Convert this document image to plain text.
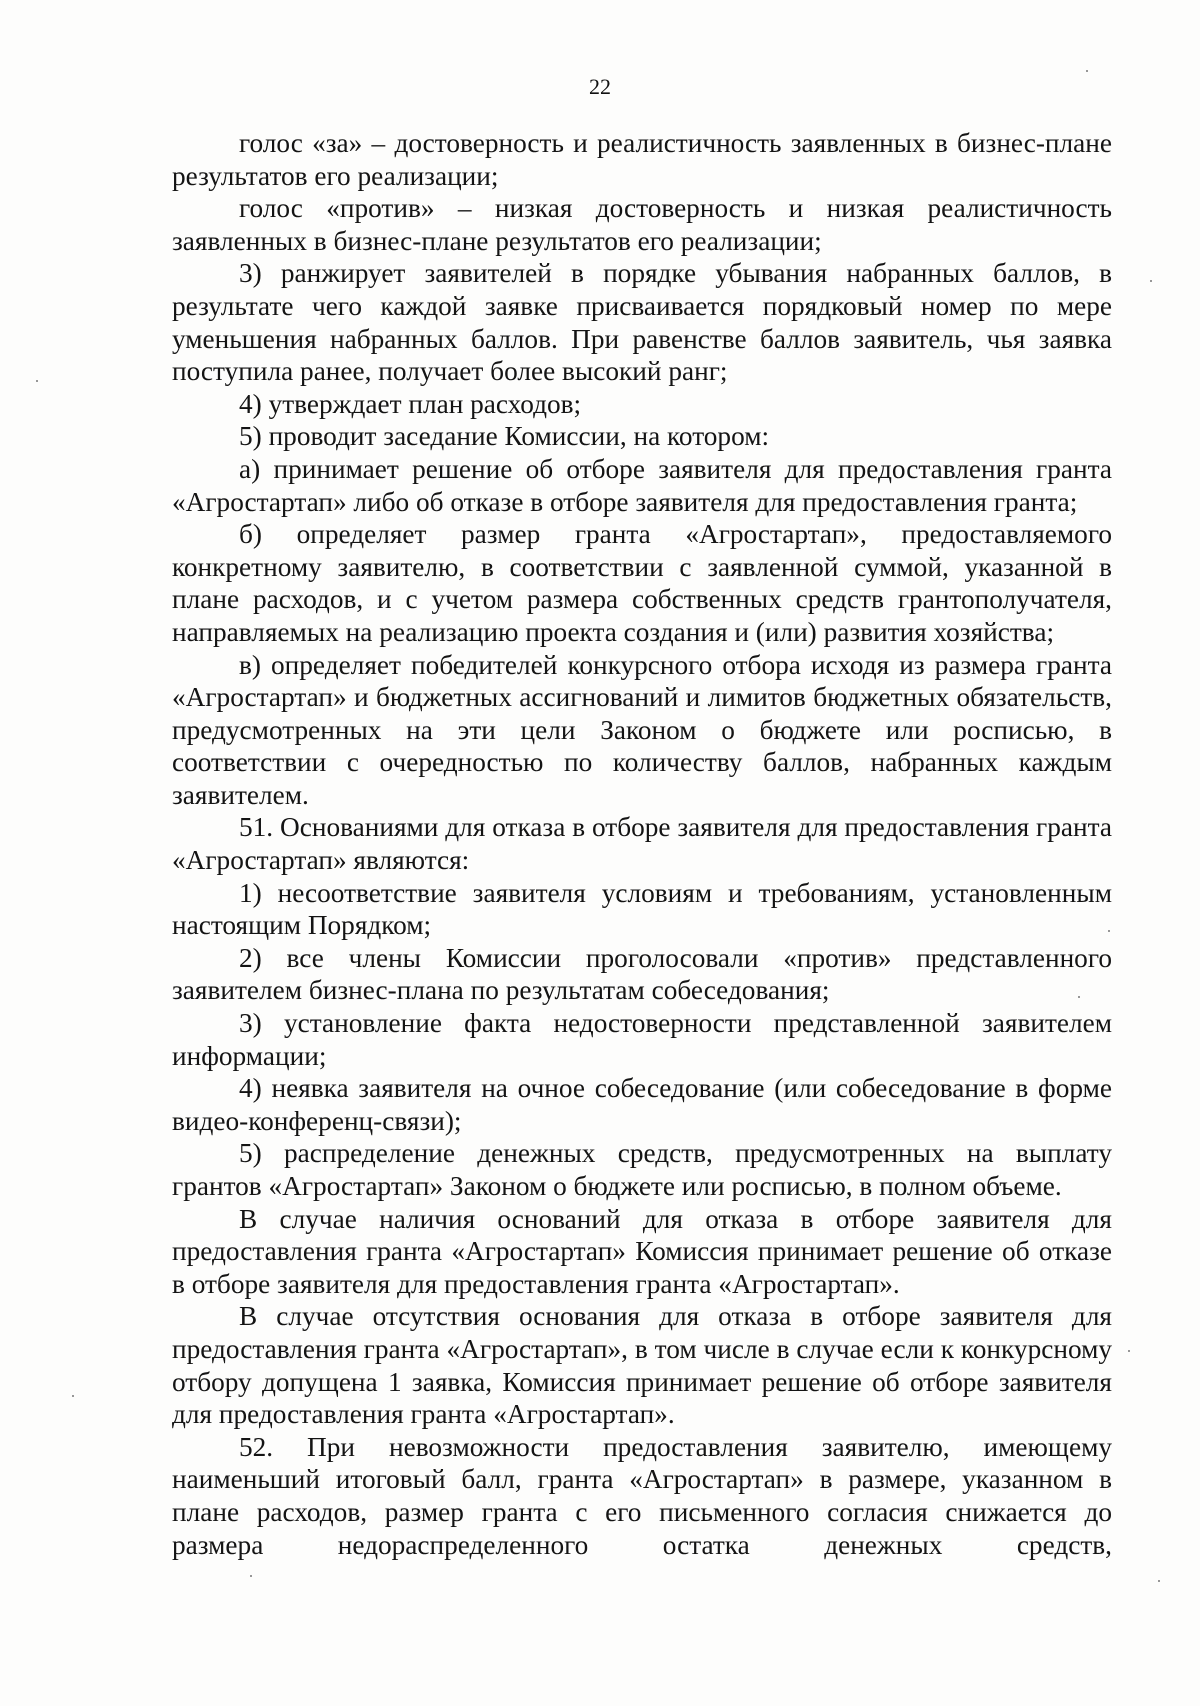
22

голос «за» – достоверность и реалистичность заявленных в бизнес-плане результатов его реализации;

голос «против» – низкая достоверность и низкая реалистичность заявленных в бизнес-плане результатов его реализации;

3) ранжирует заявителей в порядке убывания набранных баллов, в результате чего каждой заявке присваивается порядковый номер по мере уменьшения набранных баллов. При равенстве баллов заявитель, чья заявка поступила ранее, получает более высокий ранг;

4) утверждает план расходов;

5) проводит заседание Комиссии, на котором:

а) принимает решение об отборе заявителя для предоставления гранта «Агростартап» либо об отказе в отборе заявителя для предоставления гранта;

б) определяет размер гранта «Агростартап», предоставляемого конкретному заявителю, в соответствии с заявленной суммой, указанной в плане расходов, и с учетом размера собственных средств грантополучателя, направляемых на реализацию проекта создания и (или) развития хозяйства;

в) определяет победителей конкурсного отбора исходя из размера гранта «Агростартап» и бюджетных ассигнований и лимитов бюджетных обязательств, предусмотренных на эти цели Законом о бюджете или росписью, в соответствии с очередностью по количеству баллов, набранных каждым заявителем.

51. Основаниями для отказа в отборе заявителя для предоставления гранта «Агростартап» являются:

1) несоответствие заявителя условиям и требованиям, установленным настоящим Порядком;

2) все члены Комиссии проголосовали «против» представленного заявителем бизнес-плана по результатам собеседования;

3) установление факта недостоверности представленной заявителем информации;

4) неявка заявителя на очное собеседование (или собеседование в форме видео-конференц-связи);

5) распределение денежных средств, предусмотренных на выплату грантов «Агростартап» Законом о бюджете или росписью, в полном объеме.

В случае наличия оснований для отказа в отборе заявителя для предоставления гранта «Агростартап» Комиссия принимает решение об отказе в отборе заявителя для предоставления гранта «Агростартап».

В случае отсутствия основания для отказа в отборе заявителя для предоставления гранта «Агростартап», в том числе в случае если к конкурсному отбору допущена 1 заявка, Комиссия принимает решение об отборе заявителя для предоставления гранта «Агростартап».

52. При невозможности предоставления заявителю, имеющему наименьший итоговый балл, гранта «Агростартап» в размере, указанном в плане расходов, размер гранта с его письменного согласия снижается до размера недораспределенного остатка денежных средств,
